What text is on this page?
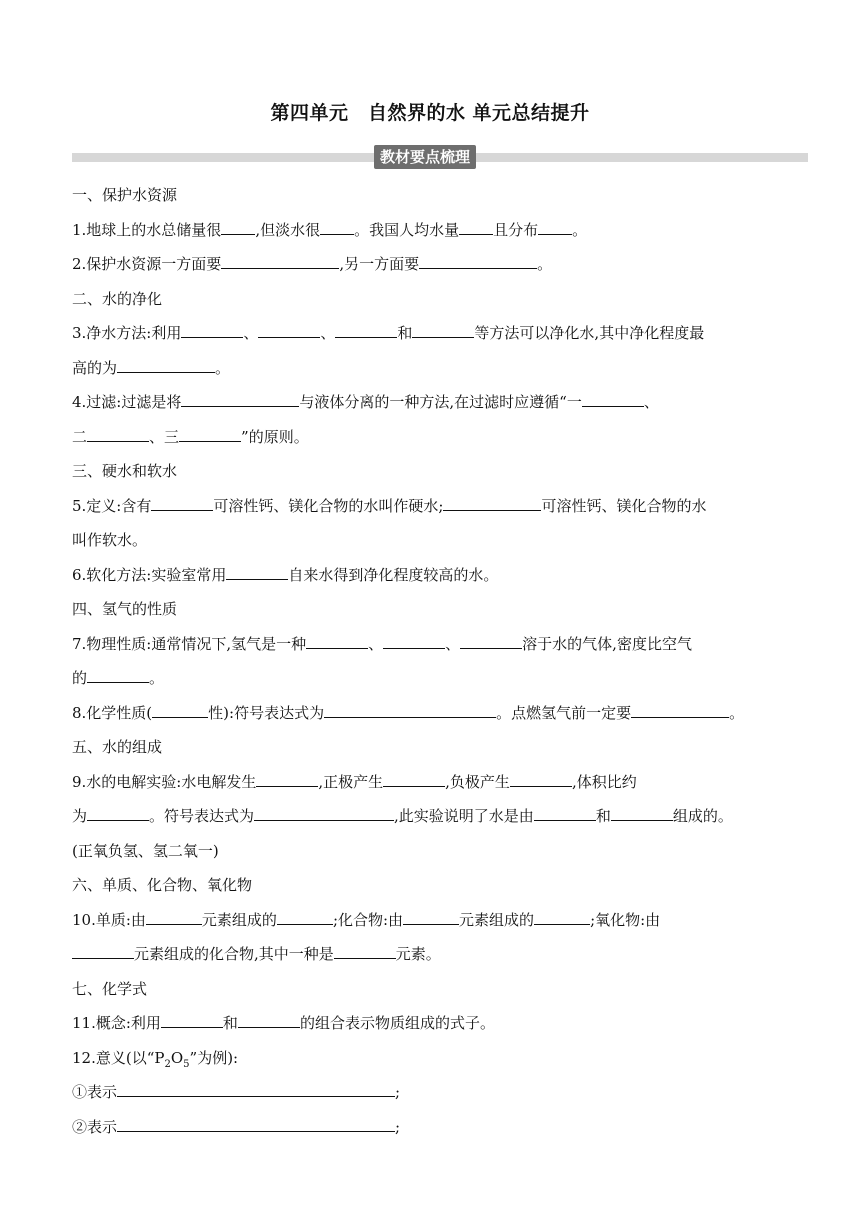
第四单元　自然界的水 单元总结提升
教材要点梳理
一、保护水资源
1.地球上的水总储量很 ,但淡水很 。我国人均水量 且分布 。
2.保护水资源一方面要	,另一方面要	。
二、水的净化
3.净水方法:利用	、	、	和	等方法可以净化水,其中净化程度最
高的为	。
4.过滤:过滤是将	与液体分离的一种方法,在过滤时应遵循“一	、
二	、三	”的原则。
三、硬水和软水
5.定义:含有	可溶性钙、镁化合物的水叫作硬水;	可溶性钙、镁化合物的水
叫作软水。
6.软化方法:实验室常用	自来水得到净化程度较高的水。
四、氢气的性质
7.物理性质:通常情况下,氢气是一种	、	、	溶于水的气体,密度比空气
的	。
8.化学性质(	性):符号表达式为	。点燃氢气前一定要	。
五、水的组成
9.水的电解实验:水电解发生	,正极产生	,负极产生	,体积比约
为	。符号表达式为	,此实验说明了水是由	和	组成的。
(正氧负氢、氢二氧一)
六、单质、化合物、氧化物
10.单质:由	元素组成的	;化合物:由	元素组成的	;氧化物:由
元素组成的化合物,其中一种是	元素。
七、化学式
11.概念:利用	和	的组合表示物质组成的式子。
12.意义(以“$P_2O_5$”为例):
①表示	;
②表示	;
